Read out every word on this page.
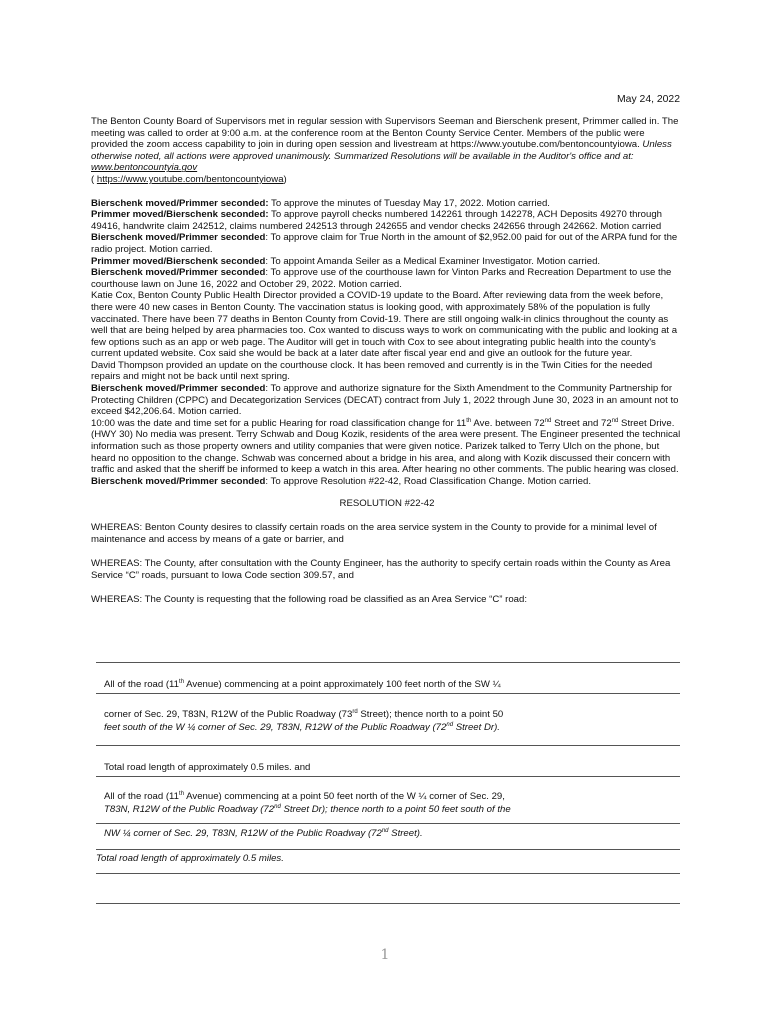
May 24, 2022

The Benton County Board of Supervisors met in regular session with Supervisors Seeman and Bierschenk present, Primmer called in. The meeting was called to order at 9:00 a.m. at the conference room at the Benton County Service Center. Members of the public were provided the zoom access capability to join in during open session and livestream at https://www.youtube.com/bentoncountyiowa. Unless otherwise noted, all actions were approved unanimously. Summarized Resolutions will be available in the Auditor's office and at: www.bentoncountyia.gov
( https://www.youtube.com/bentoncountyiowa)

Bierschenk moved/Primmer seconded: To approve the minutes of Tuesday May 17, 2022. Motion carried.

Primmer moved/Bierschenk seconded: To approve payroll checks numbered 142261 through 142278, ACH Deposits 49270 through 49416, handwrite claim 242512, claims numbered 242513 through 242655 and vendor checks 242656 through 242662. Motion carried

Bierschenk moved/Primmer seconded: To approve claim for True North in the amount of $2,952.00 paid for out of the ARPA fund for the radio project. Motion carried.

Primmer moved/Bierschenk seconded: To appoint Amanda Seiler as a Medical Examiner Investigator. Motion carried.

Bierschenk moved/Primmer seconded: To approve use of the courthouse lawn for Vinton Parks and Recreation Department to use the courthouse lawn on June 16, 2022 and October 29, 2022. Motion carried.

Katie Cox, Benton County Public Health Director provided a COVID-19 update to the Board. After reviewing data from the week before, there were 40 new cases in Benton County. The vaccination status is looking good, with approximately 58% of the population is fully vaccinated. There have been 77 deaths in Benton County from Covid-19. There are still ongoing walk-in clinics throughout the county as well that are being helped by area pharmacies too. Cox wanted to discuss ways to work on communicating with the public and looking at a few options such as an app or web page. The Auditor will get in touch with Cox to see about integrating public health into the county's current updated website. Cox said she would be back at a later date after fiscal year end and give an outlook for the future year.

David Thompson provided an update on the courthouse clock. It has been removed and currently is in the Twin Cities for the needed repairs and might not be back until next spring.

Bierschenk moved/Primmer seconded: To approve and authorize signature for the Sixth Amendment to the Community Partnership for Protecting Children (CPPC) and Decategorization Services (DECAT) contract from July 1, 2022 through June 30, 2023 in an amount not to exceed $42,206.64. Motion carried.

10:00 was the date and time set for a public Hearing for road classification change for 11th Ave. between 72nd Street and 72nd Street Drive. (HWY 30) No media was present. Terry Schwab and Doug Kozik, residents of the area were present. The Engineer presented the technical information such as those property owners and utility companies that were given notice. Parizek talked to Terry Ulch on the phone, but heard no opposition to the change. Schwab was concerned about a bridge in his area, and along with Kozik discussed their concern with traffic and asked that the sheriff be informed to keep a watch in this area. After hearing no other comments. The public hearing was closed.

Bierschenk moved/Primmer seconded: To approve Resolution #22-42, Road Classification Change. Motion carried.

RESOLUTION #22-42

WHEREAS: Benton County desires to classify certain roads on the area service system in the County to provide for a minimal level of maintenance and access by means of a gate or barrier, and

WHEREAS: The County, after consultation with the County Engineer, has the authority to specify certain roads within the County as Area Service “C” roads, pursuant to Iowa Code section 309.57, and

WHEREAS: The County is requesting that the following road be classified as an Area Service “C” road:

All of the road (11th Avenue) commencing at a point approximately 100 feet north of the SW ¼
corner of Sec. 29, T83N, R12W of the Public Roadway (73rd Street); thence north to a point 50
feet south of the W ¼ corner of Sec. 29, T83N, R12W of the Public Roadway (72nd Street Dr).
Total road length of approximately 0.5 miles. and
All of the road (11th Avenue) commencing at a point 50 feet north of the W ¼ corner of Sec. 29,
T83N, R12W of the Public Roadway (72nd Street Dr); thence north to a point 50 feet south of the
NW ¼ corner of Sec. 29, T83N, R12W of the Public Roadway (72nd Street).
Total road length of approximately 0.5 miles.
1
